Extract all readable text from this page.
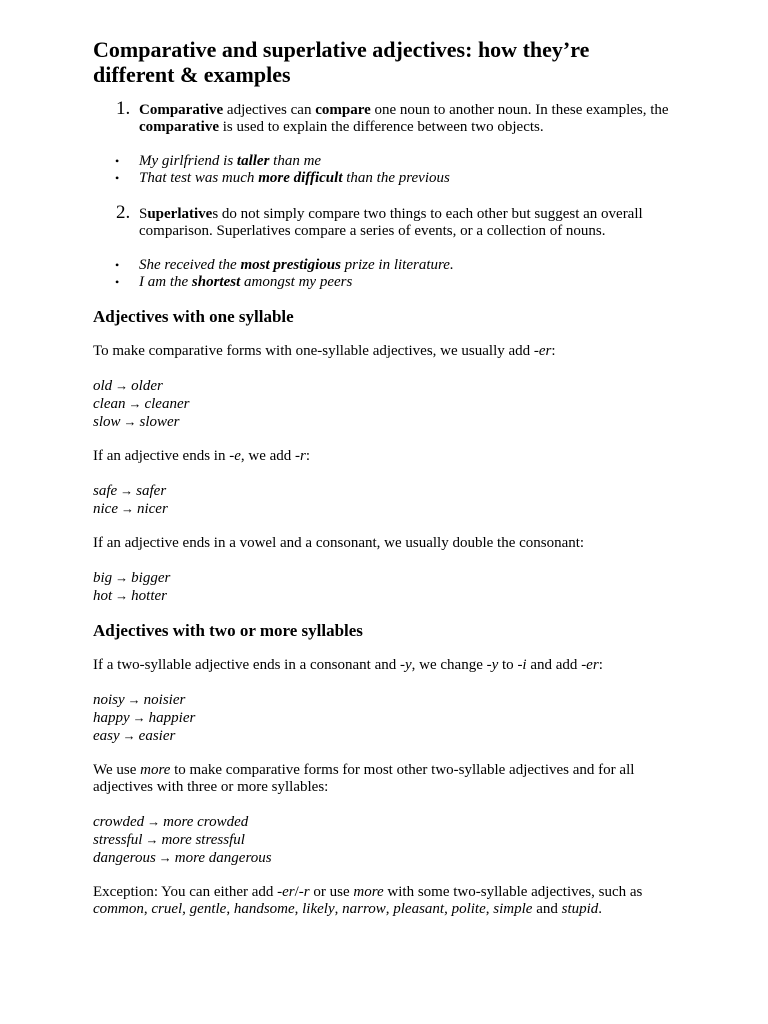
Comparative and superlative adjectives: how they’re different & examples
1. Comparative adjectives can compare one noun to another noun. In these examples, the comparative is used to explain the difference between two objects.
• My girlfriend is taller than me
• That test was much more difficult than the previous
2. Superlatives do not simply compare two things to each other but suggest an overall comparison. Superlatives compare a series of events, or a collection of nouns.
• She received the most prestigious prize in literature.
• I am the shortest amongst my peers
Adjectives with one syllable

To make comparative forms with one-syllable adjectives, we usually add -er:

old → older
clean → cleaner
slow → slower

If an adjective ends in -e, we add -r:

safe → safer
nice → nicer

If an adjective ends in a vowel and a consonant, we usually double the consonant:

big → bigger
hot → hotter
Adjectives with two or more syllables

If a two-syllable adjective ends in a consonant and -y, we change -y to -i and add -er:

noisy → noisier
happy → happier
easy → easier

We use more to make comparative forms for most other two-syllable adjectives and for all adjectives with three or more syllables:

crowded → more crowded
stressful → more stressful
dangerous → more dangerous

Exception: You can either add -er/-r or use more with some two-syllable adjectives, such as common, cruel, gentle, handsome, likely, narrow, pleasant, polite, simple and stupid.
